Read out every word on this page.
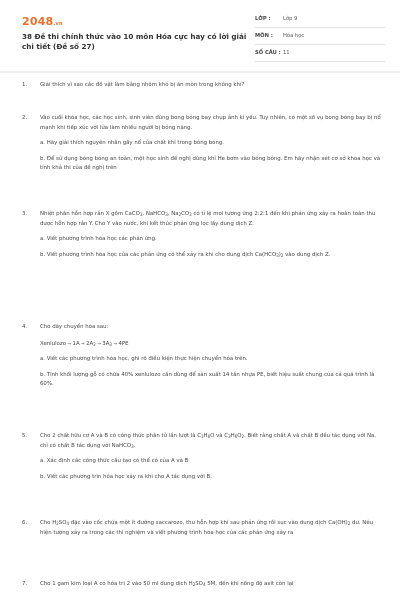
2048.vn
38 Đề thi chính thức vào 10 môn Hóa cực hay có lời giải chi tiết (Đề số 27)
LỚP : Lớp 9
MÔN : Hóa học
SỐ CÂU : 11
1. Giải thích vì sao các đồ vật làm bằng nhôm khó bị ăn mòn trong không khí?
2. Vào cuối khóa học, các học sinh, sinh viên dùng bong bóng bay chụp ảnh kỉ yếu. Tuy nhiên, có một số vụ bong bóng bay bị nổ mạnh khi tiếp xúc với lửa làm nhiều người bị bỏng nặng.
a. Hãy giải thích nguyên nhân gây nổ của chất khí trong bóng bóng.
b. Để sử dụng bóng bóng an toàn, một học sinh đề nghị dùng khí He bơm vào bóng bóng. Em hãy nhận xét cơ sở khoa học và tính khả thi của đề nghị trên
3. Nhiệt phân hỗn hợp rắn X gồm CaCO$_3$, NaHCO$_3$, $Na_2CO_3$ có tỉ lệ mol tương ứng 2:2:1 đến khi phản ứng xảy ra hoàn toàn thu được hỗn hợp rắn Y. Cho Y vào nước, khi kết thúc phản ứng lọc lấy dung dịch Z.
a. Viết phương trình hóa học các phản ứng.
b. Viết phương trình hóa học của các phản ứng có thể xảy ra khi cho dung dịch $Ca(HCO_3)_2$ vào dung dịch Z.
4. Cho dãy chuyển hóa sau:
Xenlulozo → $1A \to 2A_2 \to 3A_3 \to 4PE$
a. Viết các phương trình hóa học, ghi rõ điều kiện thực hiện chuyển hóa trên.
b. Tính khối lượng gỗ có chứa 40% xenlulozo cần dùng để sản xuất 14 tấn nhựa PE, biết hiệu suất chung của cả quá trình là 60%.
5. Cho 2 chất hữu cơ A và B có công thức phân tử lần lượt là $C_3H_6O$ và $C_3H_6O_2$. Biết rằng chất A và chất B đều tác dụng với Na, chỉ có chất B tác dụng với NaHCO$_3$.
a. Xác định các công thức cấu tạo có thể có của A và B
b. Viết các phương trìn hóa học xảy ra khi cho A tác dụng với B.
6. Cho $H_2SO_4$ đặc vào cốc chứa một ít đường saccarozo, thu hỗn hợp khí sau phản ứng rồi sục vào dung dịch $Ca(OH)_2$ dư. Nêu hiện tượng xảy ra trong các thí nghiệm và viết phương trình hóa học của các phản ứng xảy ra
7. Cho 1 gam kim loại A có hóa trị 2 vào 50 ml dung dịch $H_2SO_4$ 5M, đến khi nồng độ axit còn lại
